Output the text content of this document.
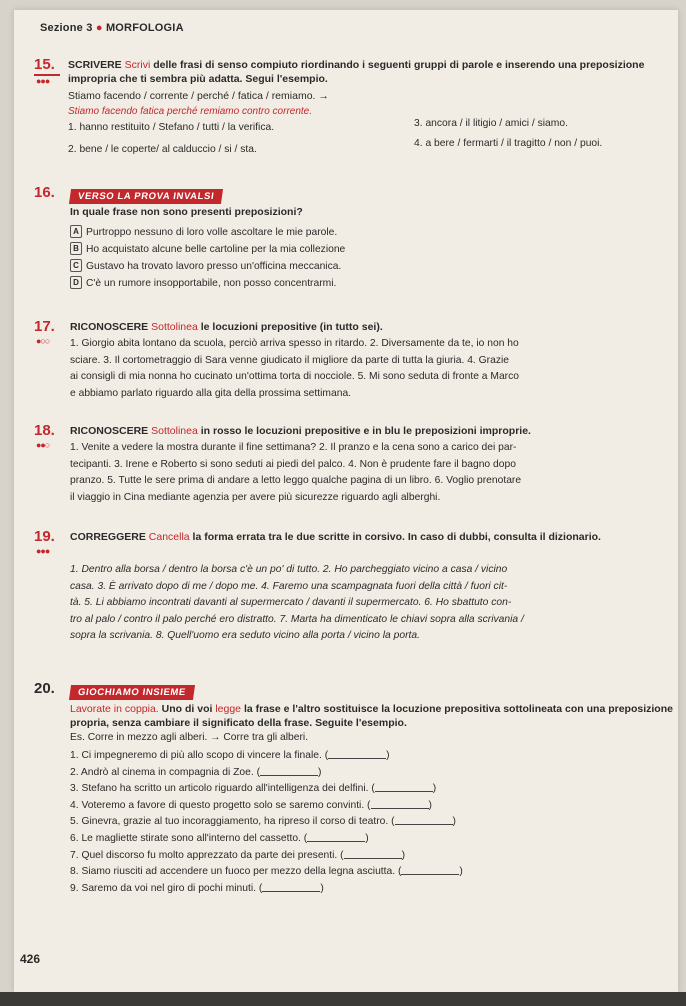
Sezione 3 ● MORFOLOGIA
15.
●●●
SCRIVERE Scrivi delle frasi di senso compiuto riordinando i seguenti gruppi di parole e inserendo una preposizione impropria che ti sembra più adatta. Segui l'esempio.
Stiamo facendo / corrente / perché / fatica / remiamo. →
Stiamo facendo fatica perché remiamo contro corrente.
1. hanno restituito / Stefano / tutti / la verifica.
2. bene / le coperte/ al calduccio / si / sta.
3. ancora / il litigio / amici / siamo.
4. a bere / fermarti / il tragitto / non / puoi.
16.	VERSO LA PROVA INVALSI
In quale frase non sono presenti preposizioni?
A Purtroppo nessuno di loro volle ascoltare le mie parole.
B Ho acquistato alcune belle cartoline per la mia collezione
C Gustavo ha trovato lavoro presso un'officina meccanica.
D C'è un rumore insopportabile, non posso concentrarmi.
17.
●○○
RICONOSCERE Sottolinea le locuzioni prepositive (in tutto sei).
1. Giorgio abita lontano da scuola, perciò arriva spesso in ritardo. 2. Diversamente da te, io non ho
sciare. 3. Il cortometraggio di Sara venne giudicato il migliore da parte di tutta la giuria. 4. Grazie
ai consigli di mia nonna ho cucinato un'ottima torta di nocciole. 5. Mi sono seduta di fronte a Marco
e abbiamo parlato riguardo alla gita della prossima settimana.
18.
●●○
RICONOSCERE Sottolinea in rosso le locuzioni prepositive e in blu le preposizioni improprie.
1. Venite a vedere la mostra durante il fine settimana? 2. Il pranzo e la cena sono a carico dei par-
tecipanti. 3. Irene e Roberto si sono seduti ai piedi del palco. 4. Non è prudente fare il bagno dopo
pranzo. 5. Tutte le sere prima di andare a letto leggo qualche pagina di un libro. 6. Voglio prenotare
il viaggio in Cina mediante agenzia per avere più sicurezze riguardo agli alberghi.
19.
●●●
CORREGGERE Cancella la forma errata tra le due scritte in corsivo. In caso di dubbi, consulta il dizionario.
1. Dentro alla borsa / dentro la borsa c'è un po' di tutto. 2. Ho parcheggiato vicino a casa / vicino
casa. 3. È arrivato dopo di me / dopo me. 4. Faremo una scampagnata fuori della città / fuori cit-
tà. 5. Li abbiamo incontrati davanti al supermercato / davanti il supermercato. 6. Ho sbattuto con-
tro al palo / contro il palo perché ero distratto. 7. Marta ha dimenticato le chiavi sopra alla scrivania /
sopra la scrivania. 8. Quell'uomo era seduto vicino alla porta / vicino la porta.
20.	GIOCHIAMO INSIEME
Lavorate in coppia. Uno di voi legge la frase e l'altro sostituisce la locuzione prepositiva sottolineata con una preposizione propria, senza cambiare il significato della frase. Seguite l'esempio.
Es. Corre in mezzo agli alberi. → Corre tra gli alberi.
1. Ci impegneremo di più allo scopo di vincere la finale. (	)
2. Andrò al cinema in compagnia di Zoe. (	)
3. Stefano ha scritto un articolo riguardo all'intelligenza dei delfini. (	)
4. Voteremo a favore di questo progetto solo se saremo convinti. (	)
5. Ginevra, grazie al tuo incoraggiamento, ha ripreso il corso di teatro. (	)
6. Le magliette stirate sono all'interno del cassetto. (	)
7. Quel discorso fu molto apprezzato da parte dei presenti. (	)
8. Siamo riusciti ad accendere un fuoco per mezzo della legna asciutta. (	)
9. Saremo da voi nel giro di pochi minuti. (	)
426
